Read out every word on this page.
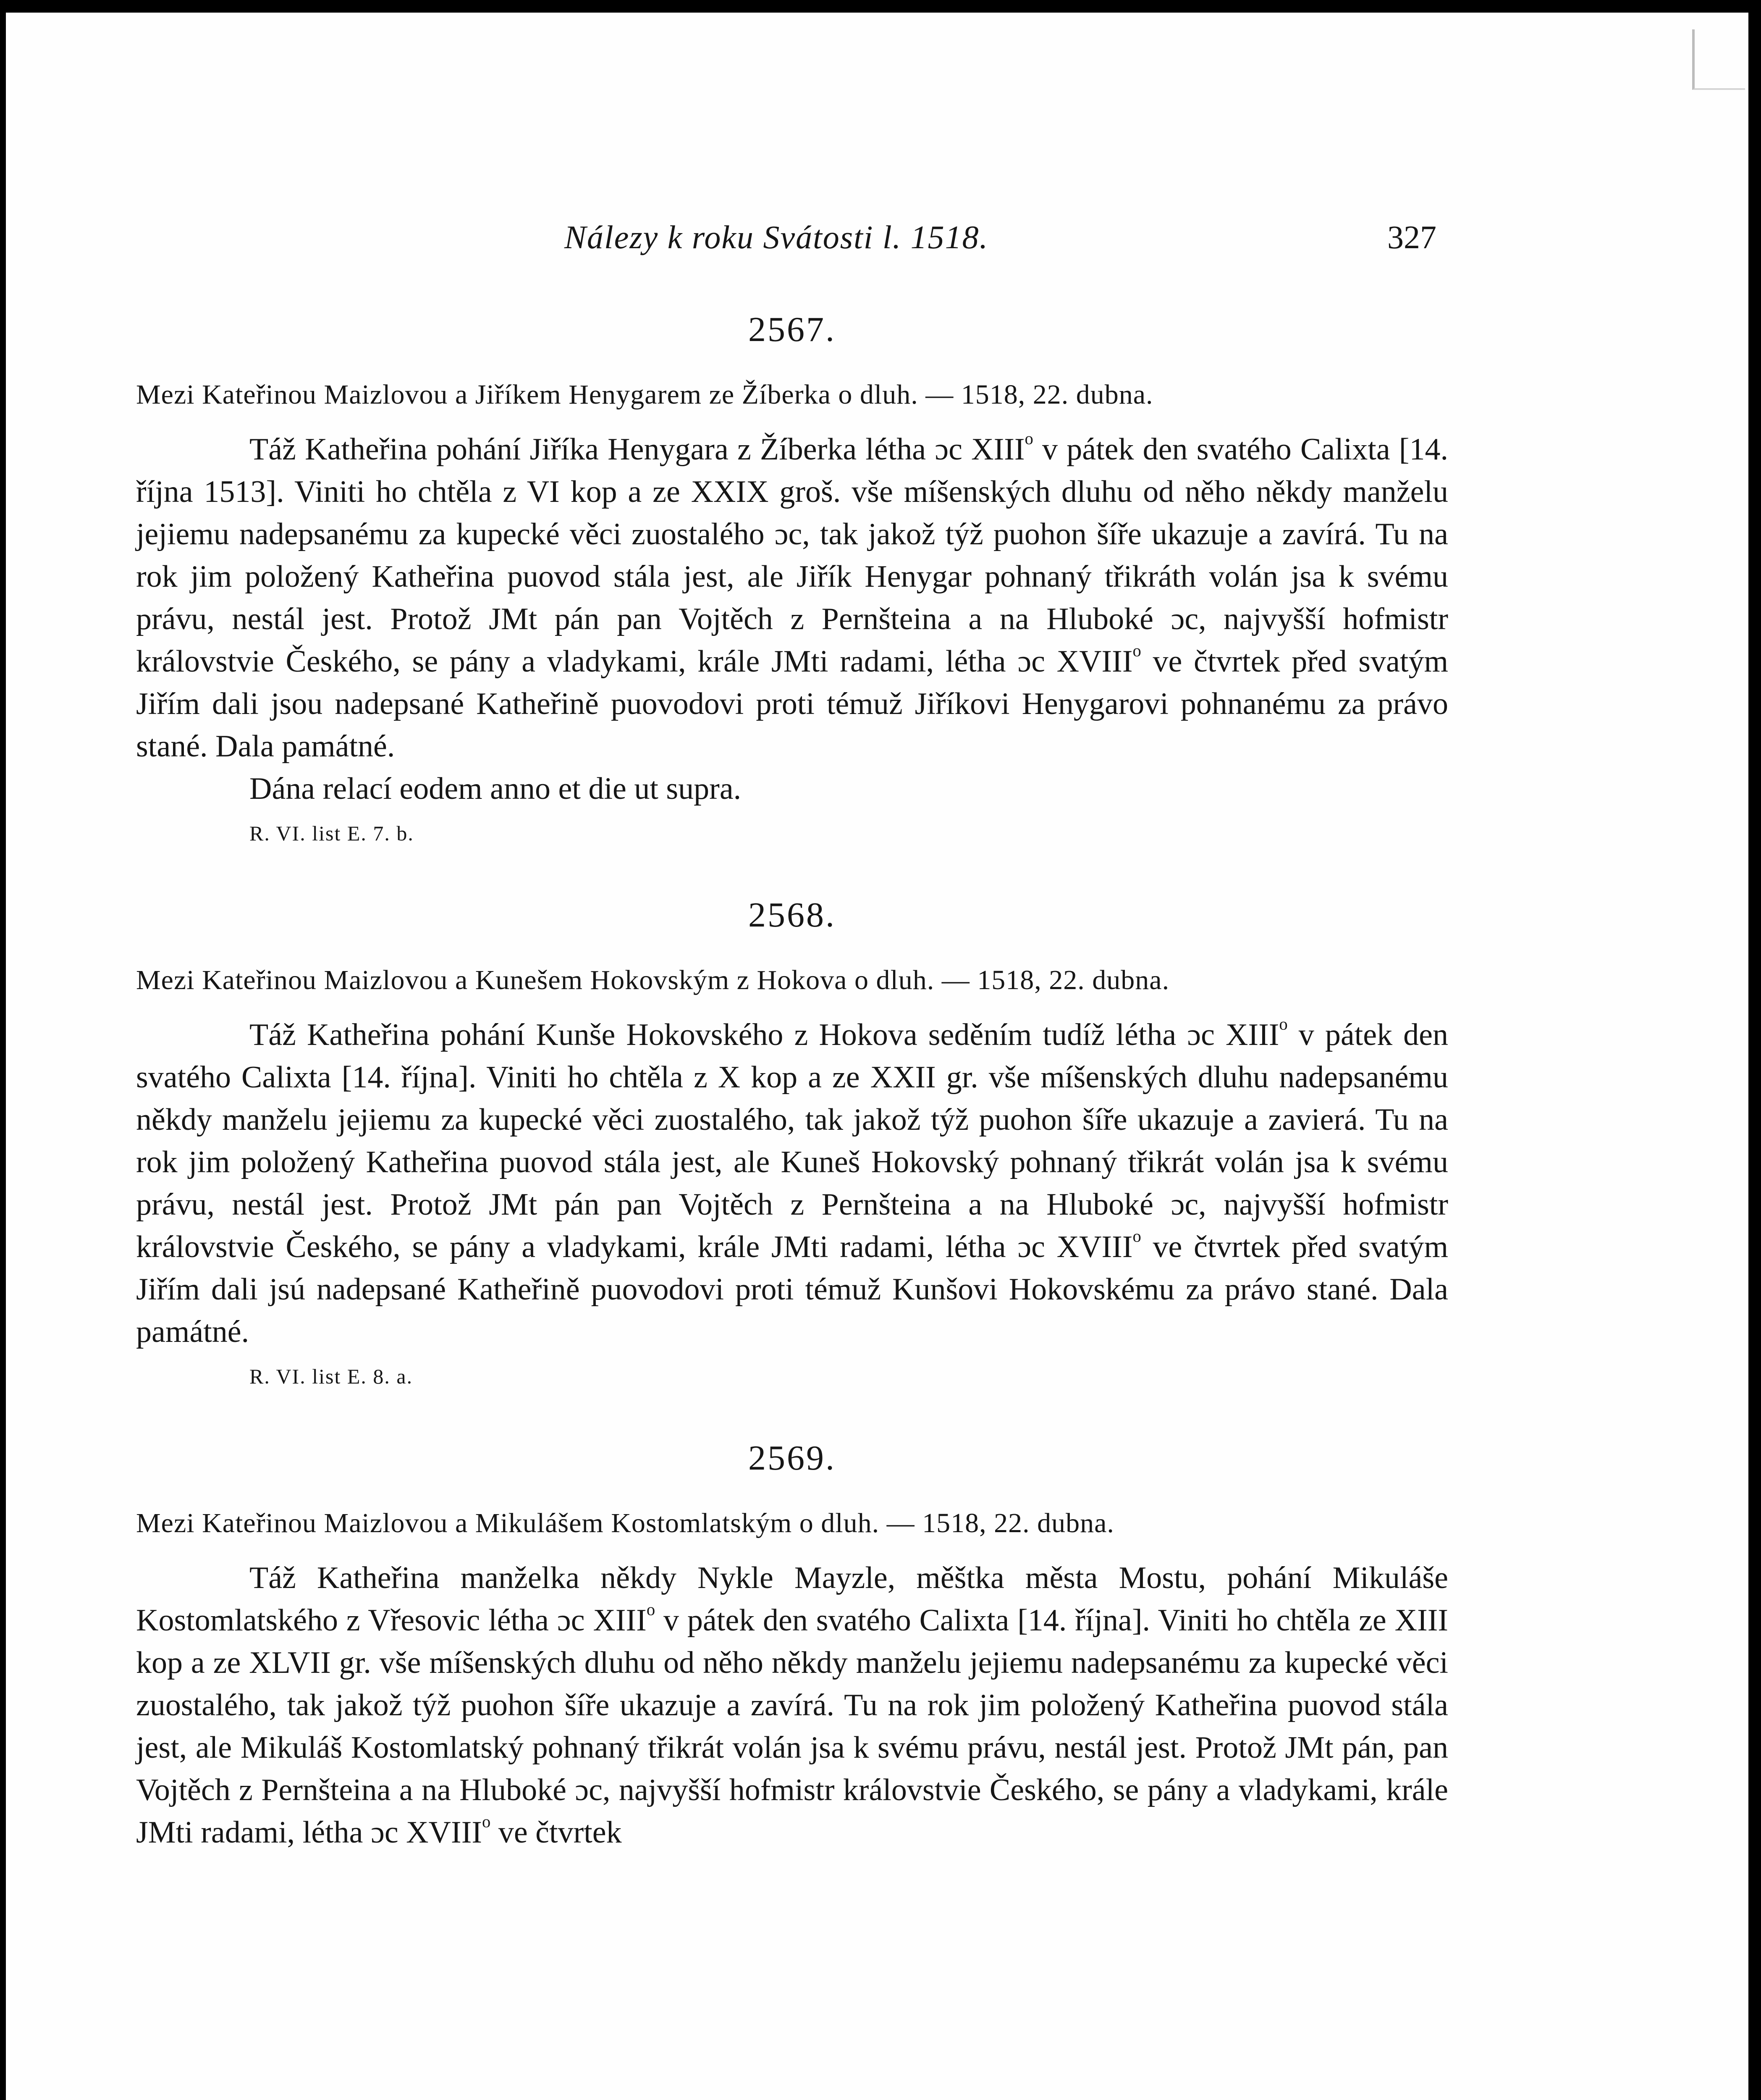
Nálezy k roku Svátosti l. 1518.	327
2567.
Mezi Kateřinou Maizlovou a Jiříkem Henygarem ze Žíberka o dluh. — 1518, 22. dubna.

Táž Katheřina pohání Jiříka Henygara z Žíberka létha ɔc XIII$^o$ v pátek den svatého Calixta [14. října 1513]. Viniti ho chtěla z VI kop a ze XXIX groš. vše míšenských dluhu od něho někdy manželu jejiemu nadepsanému za kupecké věci zuostalého ɔc, tak jakož týž puohon šíře ukazuje a zavírá. Tu na rok jim položený Katheřina puovod stála jest, ale Jiřík Henygar pohnaný třikráth volán jsa k svému právu, nestál jest. Protož JMt pán pan Vojtěch z Pernšteina a na Hluboké ɔc, najvyšší hofmistr královstvie Českého, se pány a vladykami, krále JMti radami, létha ɔc XVIII$^o$ ve čtvrtek před svatým Jiřím dali jsou nadepsané Katheřině puovodovi proti témuž Jiříkovi Henygarovi pohnanému za právo stané. Dala památné.

Dána relací eodem anno et die ut supra.

R. VI. list E. 7. b.
2568.
Mezi Kateřinou Maizlovou a Kunešem Hokovským z Hokova o dluh. — 1518, 22. dubna.

Táž Katheřina pohání Kunše Hokovského z Hokova seděním tudíž létha ɔc XIII$^o$ v pátek den svatého Calixta [14. října]. Viniti ho chtěla z X kop a ze XXII gr. vše míšenských dluhu nadepsanému někdy manželu jejiemu za kupecké věci zuostalého, tak jakož týž puohon šíře ukazuje a zavierá. Tu na rok jim položený Katheřina puovod stála jest, ale Kuneš Hokovský pohnaný třikrát volán jsa k svému právu, nestál jest. Protož JMt pán pan Vojtěch z Pernšteina a na Hluboké ɔc, najvyšší hofmistr královstvie Českého, se pány a vladykami, krále JMti radami, létha ɔc XVIII$^o$ ve čtvrtek před svatým Jiřím dali jsú nadepsané Katheřině puovodovi proti témuž Kunšovi Hokovskému za právo stané. Dala památné.

R. VI. list E. 8. a.
2569.
Mezi Kateřinou Maizlovou a Mikulášem Kostomlatským o dluh. — 1518, 22. dubna.

Táž Katheřina manželka někdy Nykle Mayzle, měštka města Mostu, pohání Mikuláše Kostomlatského z Vřesovic létha ɔc XIII$^o$ v pátek den svatého Calixta [14. října]. Viniti ho chtěla ze XIII kop a ze XLVII gr. vše míšenských dluhu od něho někdy manželu jejiemu nadepsanému za kupecké věci zuostalého, tak jakož týž puohon šíře ukazuje a zavírá. Tu na rok jim položený Katheřina puovod stála jest, ale Mikuláš Kostomlatský pohnaný třikrát volán jsa k svému právu, nestál jest. Protož JMt pán, pan Vojtěch z Pernšteina a na Hluboké ɔc, najvyšší hofmistr královstvie Českého, se pány a vladykami, krále JMti radami, létha ɔc XVIII$^o$ ve čtvrtek
